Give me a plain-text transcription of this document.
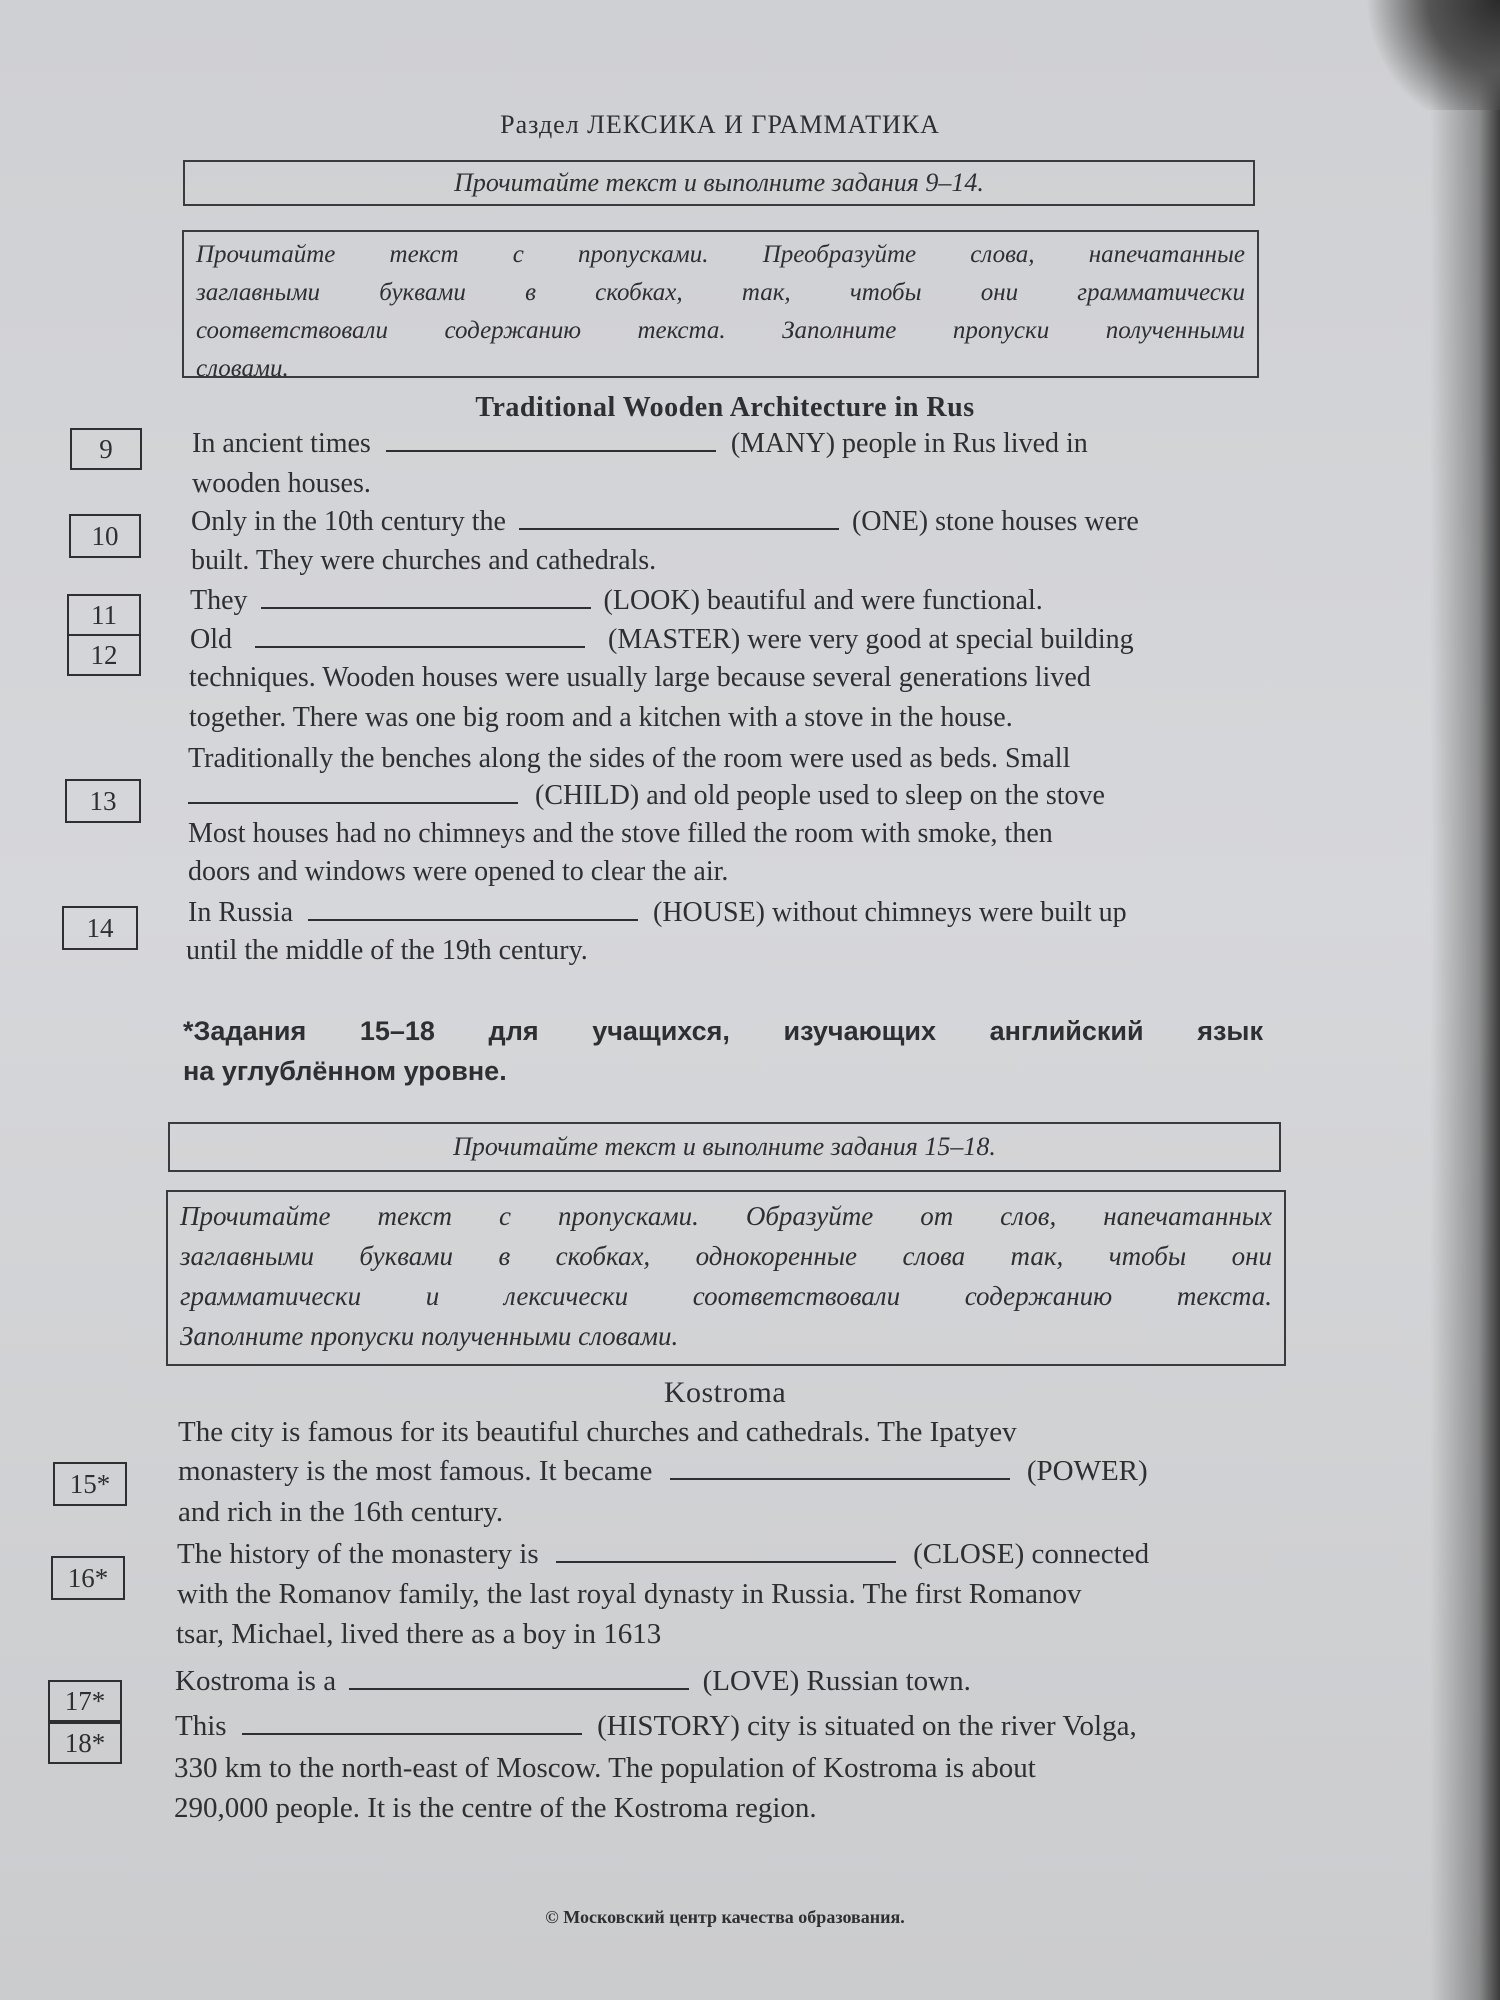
Раздел ЛЕКСИКА И ГРАММАТИКА
Прочитайте текст и выполните задания 9–14.
Прочитайте текст с пропусками. Преобразуйте слова, напечатанные
заглавными буквами в скобках, так, чтобы они грамматически
соответствовали содержанию текста. Заполните пропуски полученными
словами.
Traditional Wooden Architecture in Rus
9
10
11
12
13
14
In ancient times	(MANY) people in Rus lived in
wooden houses.
Only in the 10th century the	(ONE) stone houses were
built. They were churches and cathedrals.
They	(LOOK) beautiful and were functional.
Old	(MASTER) were very good at special building
techniques. Wooden houses were usually large because several generations lived
together. There was one big room and a kitchen with a stove in the house.
Traditionally the benches along the sides of the room were used as beds. Small
(CHILD) and old people used to sleep on the stove
Most houses had no chimneys and the stove filled the room with smoke, then
doors and windows were opened to clear the air.
In Russia	(HOUSE) without chimneys were built up
until the middle of the 19th century.
*Задания 15–18 для учащихся, изучающих английский язык
на углублённом уровне.
Прочитайте текст и выполните задания 15–18.
Прочитайте текст с пропусками. Образуйте от слов, напечатанных
заглавными буквами в скобках, однокоренные слова так, чтобы они
грамматически и лексически соответствовали содержанию текста.
Заполните пропуски полученными словами.
Kostroma
15*
16*
17*
18*
The city is famous for its beautiful churches and cathedrals. The Ipatyev
monastery is the most famous. It became	(POWER)
and rich in the 16th century.
The history of the monastery is	(CLOSE) connected
with the Romanov family, the last royal dynasty in Russia. The first Romanov
tsar, Michael, lived there as a boy in 1613
Kostroma is a	(LOVE) Russian town.
This	(HISTORY) city is situated on the river Volga,
330 km to the north-east of Moscow. The population of Kostroma is about
290,000 people. It is the centre of the Kostroma region.
© Московский центр качества образования.
